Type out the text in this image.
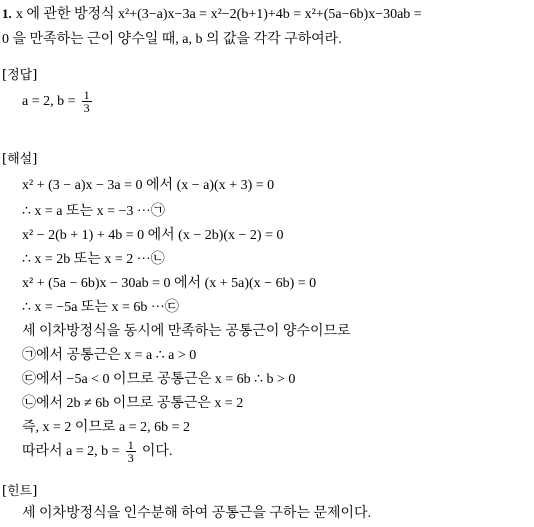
1. x 에 관한 방정식 x²+(3−a)x−3a = x²−2(b+1)+4b = x²+(5a−6b)x−30ab =
0 을 만족하는 근이 양수일 때, a, b 의 값을 각각 구하여라.
[정답]
a = 2, $b = \frac{1}{3}$
[해설]
x² + (3 − a)x − 3a = 0 에서 (x − a)(x + 3) = 0
∴ x = a 또는 x = −3 ···㉠
x² − 2(b + 1) + 4b = 0 에서 (x − 2b)(x − 2) = 0
∴ x = 2b 또는 x = 2 ···㉡
x² + (5a − 6b)x − 30ab = 0 에서 (x + 5a)(x − 6b) = 0
∴ x = −5a 또는 x = 6b ···㉢
세 이차방정식을 동시에 만족하는 공통근이 양수이므로
㉠에서 공통근은 x = a ∴ a > 0
㉢에서 −5a < 0 이므로 공통근은 x = 6b ∴ b > 0
㉡에서 2b ≠ 6b 이므로 공통근은 x = 2
즉, x = 2 이므로 a = 2, 6b = 2
따라서 a = 2, $b = \frac{1}{3}$ 이다.
[힌트]
세 이차방정식을 인수분해 하여 공통근을 구하는 문제이다.
